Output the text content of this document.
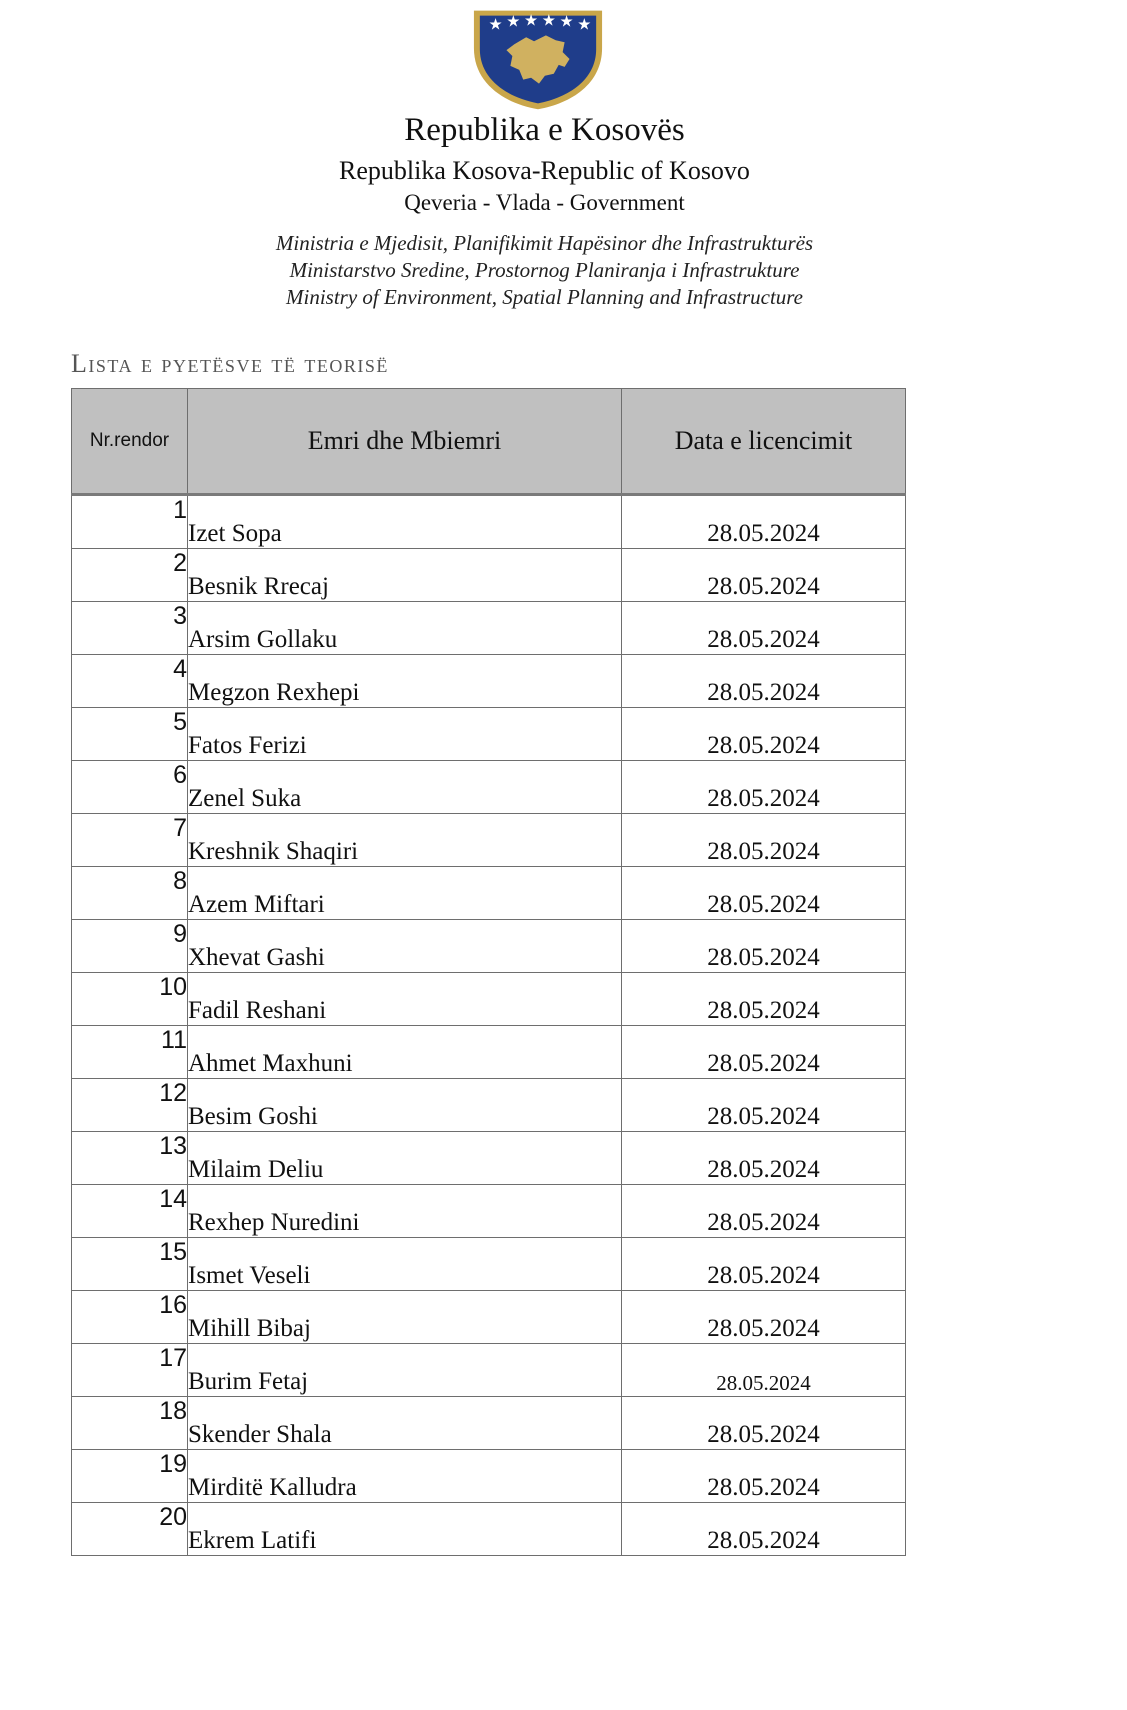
★ ★ ★ ★ ★ ★
Republika e Kosovës
Republika Kosova-Republic of Kosovo
Qeveria - Vlada - Government
Ministria e Mjedisit, Planifikimit Hapësinor dhe Infrastrukturës
Ministarstvo Sredine, Prostornog Planiranja i Infrastrukture
Ministry of Environment, Spatial Planning and Infrastructure
Lista e pyetësve të teorisë
Nr.rendor	Emri dhe Mbiemri	Data e licencimit
1	Izet Sopa	28.05.2024
2	Besnik Rrecaj	28.05.2024
3	Arsim Gollaku	28.05.2024
4	Megzon Rexhepi	28.05.2024
5	Fatos Ferizi	28.05.2024
6	Zenel Suka	28.05.2024
7	Kreshnik Shaqiri	28.05.2024
8	Azem Miftari	28.05.2024
9	Xhevat Gashi	28.05.2024
10	Fadil Reshani	28.05.2024
11	Ahmet Maxhuni	28.05.2024
12	Besim Goshi	28.05.2024
13	Milaim Deliu	28.05.2024
14	Rexhep Nuredini	28.05.2024
15	Ismet Veseli	28.05.2024
16	Mihill Bibaj	28.05.2024
17	Burim Fetaj	28.05.2024
18	Skender Shala	28.05.2024
19	Mirditë Kalludra	28.05.2024
20	Ekrem Latifi	28.05.2024
